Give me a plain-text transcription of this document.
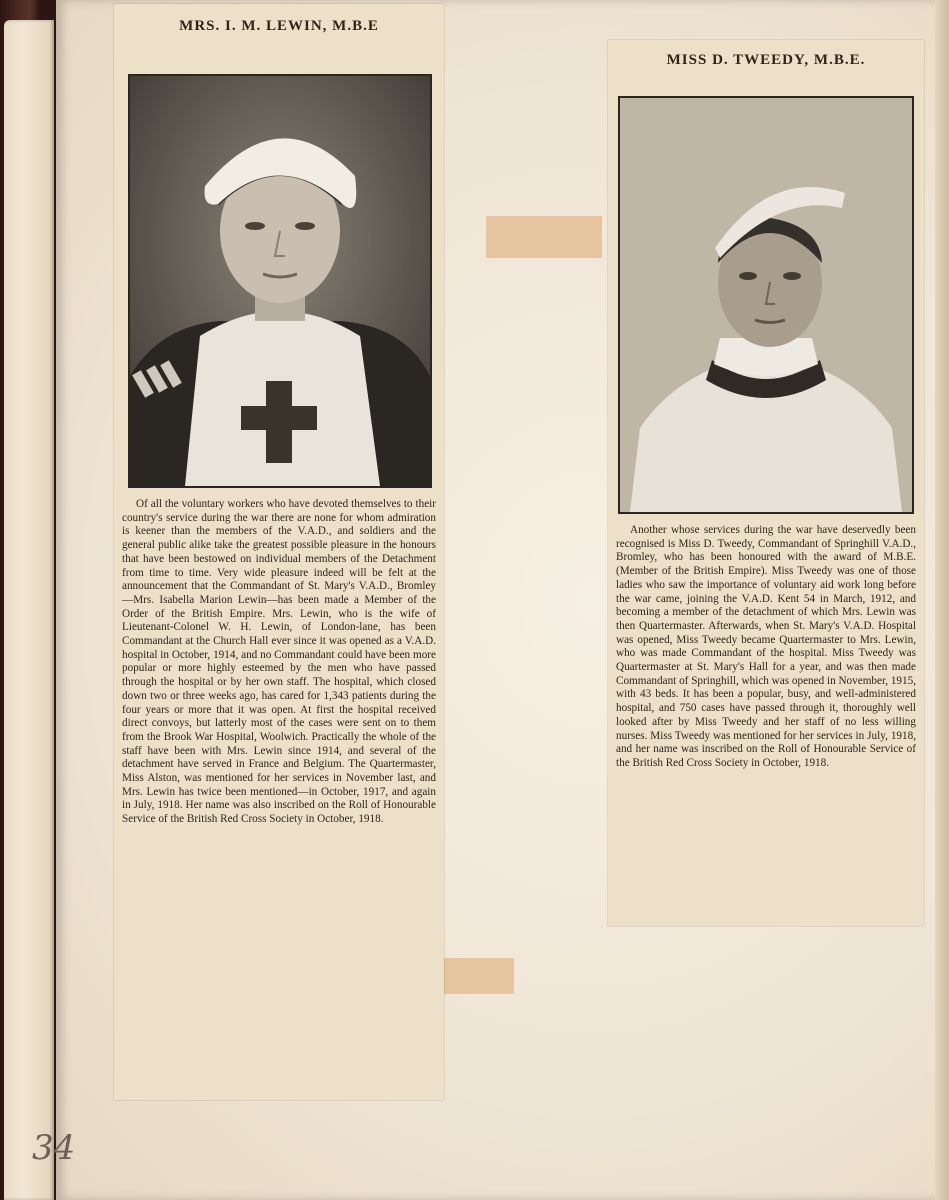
MRS. I. M. LEWIN, M.B.E
Of all the voluntary workers who have devoted themselves to their country's service during the war there are none for whom admiration is keener than the members of the V.A.D., and soldiers and the general public alike take the greatest possible pleasure in the honours that have been bestowed on individual members of the Detachment from time to time. Very wide pleasure indeed will be felt at the announcement that the Commandant of St. Mary's V.A.D., Bromley—Mrs. Isabella Marion Lewin—has been made a Member of the Order of the British Empire. Mrs. Lewin, who is the wife of Lieutenant-Colonel W. H. Lewin, of London-lane, has been Commandant at the Church Hall ever since it was opened as a V.A.D. hospital in October, 1914, and no Commandant could have been more popular or more highly esteemed by the men who have passed through the hospital or by her own staff. The hospital, which closed down two or three weeks ago, has cared for 1,343 patients during the four years or more that it was open. At first the hospital received direct convoys, but latterly most of the cases were sent on to them from the Brook War Hospital, Woolwich. Practically the whole of the staff have been with Mrs. Lewin since 1914, and several of the detachment have served in France and Belgium. The Quartermaster, Miss Alston, was mentioned for her services in November last, and Mrs. Lewin has twice been mentioned—in October, 1917, and again in July, 1918. Her name was also inscribed on the Roll of Honourable Service of the British Red Cross Society in October, 1918.
MISS D. TWEEDY, M.B.E.
Another whose services during the war have deservedly been recognised is Miss D. Tweedy, Commandant of Springhill V.A.D., Bromley, who has been honoured with the award of M.B.E. (Member of the British Empire). Miss Tweedy was one of those ladies who saw the importance of voluntary aid work long before the war came, joining the V.A.D. Kent 54 in March, 1912, and becoming a member of the detachment of which Mrs. Lewin was then Quartermaster. Afterwards, when St. Mary's V.A.D. Hospital was opened, Miss Tweedy became Quartermaster to Mrs. Lewin, who was made Commandant of the hospital. Miss Tweedy was Quartermaster at St. Mary's Hall for a year, and was then made Commandant of Springhill, which was opened in November, 1915, with 43 beds. It has been a popular, busy, and well-administered hospital, and 750 cases have passed through it, thoroughly well looked after by Miss Tweedy and her staff of no less willing nurses. Miss Tweedy was mentioned for her services in July, 1918, and her name was inscribed on the Roll of Honourable Service of the British Red Cross Society in October, 1918.
34
